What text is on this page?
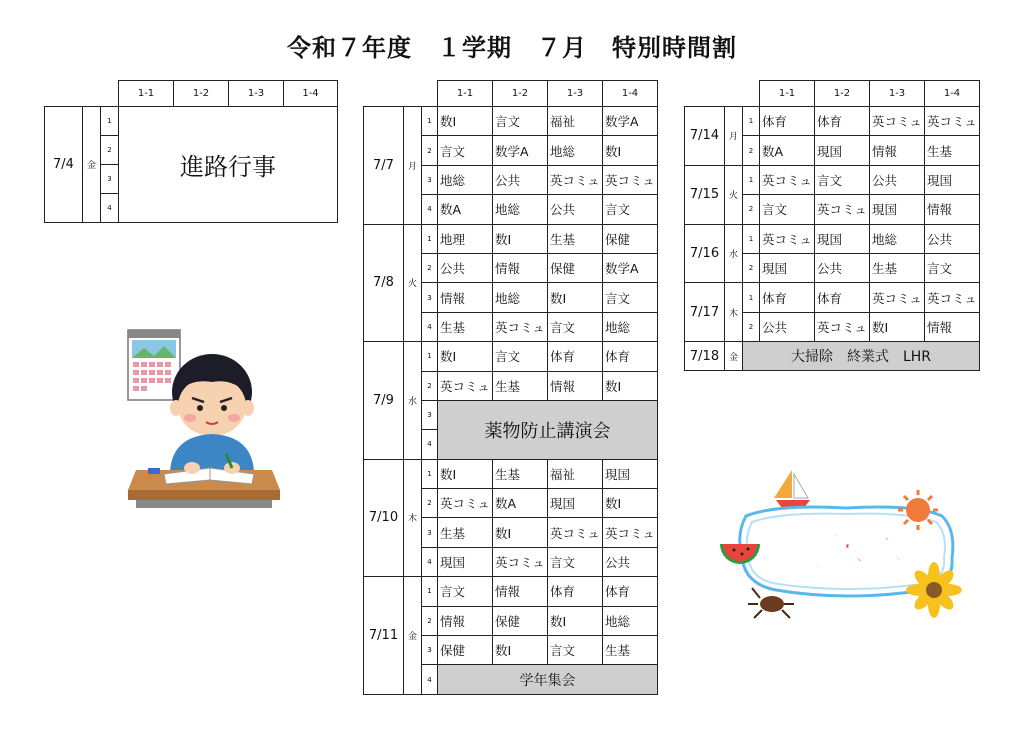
令和７年度　１学期　７月　特別時間割
			1-1	1-2	1-3	1-4
7/4	金	1	進路行事			
		2				
		3				
		4				
			1-1	1-2	1-3	1-4
7/7	月	1	数Ⅰ	言文	福祉	数学A
		2	言文	数学A	地総	数Ⅰ
		3	地総	公共	英コミュ	英コミュ
		4	数A	地総	公共	言文
7/8	火	1	地理	数Ⅰ	生基	保健
		2	公共	情報	保健	数学A
		3	情報	地総	数Ⅰ	言文
		4	生基	英コミュ	言文	地総
7/9	水	1	数Ⅰ	言文	体育	体育
		2	英コミュ	生基	情報	数Ⅰ
		3	薬物防止講演会			
		4				
7/10	木	1	数Ⅰ	生基	福祉	現国
		2	英コミュ	数A	現国	数Ⅰ
		3	生基	数Ⅰ	英コミュ	英コミュ
		4	現国	英コミュ	言文	公共
7/11	金	1	言文	情報	体育	体育
		2	情報	保健	数Ⅰ	地総
		3	保健	数Ⅰ	言文	生基
		4	学年集会			
			1-1	1-2	1-3	1-4
7/14	月	1	体育	体育	英コミュ	英コミュ
		2	数A	現国	情報	生基
7/15	火	1	英コミュ	言文	公共	現国
		2	言文	英コミュ	現国	情報
7/16	水	1	英コミュ	現国	地総	公共
		2	現国	公共	生基	言文
7/17	木	1	体育	体育	英コミュ	英コミュ
		2	公共	英コミュ	数Ⅰ	情報
7/18	金	大掃除　終業式　LHR				
夏休み
